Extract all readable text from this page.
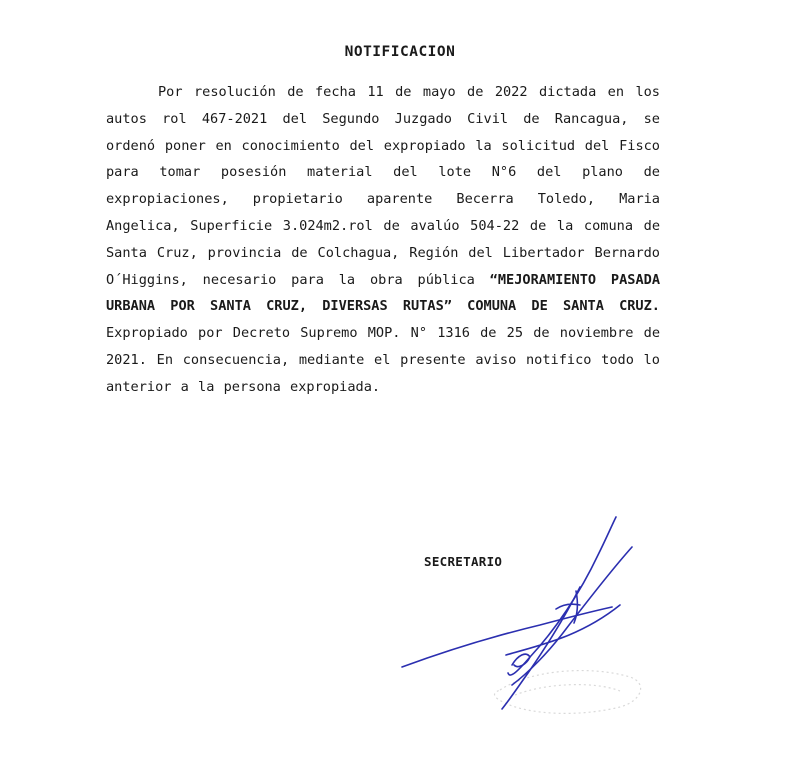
NOTIFICACION

Por resolución de fecha 11 de mayo de 2022 dictada en los autos rol 467-2021 del Segundo Juzgado Civil de Rancagua, se ordenó poner en conocimiento del expropiado la solicitud del Fisco para tomar posesión material del lote N°6 del plano de expropiaciones, propietario aparente Becerra Toledo, Maria Angelica, Superficie 3.024m2.rol de avalúo 504-22 de la comuna de Santa Cruz, provincia de Colchagua, Región del Libertador Bernardo O´Higgins, necesario para la obra pública “MEJORAMIENTO PASADA URBANA POR SANTA CRUZ, DIVERSAS RUTAS” COMUNA DE SANTA CRUZ. Expropiado por Decreto Supremo MOP. N° 1316 de 25 de noviembre de 2021. En consecuencia, mediante el presente aviso notifico todo lo anterior a la persona expropiada.

SECRETARIO
